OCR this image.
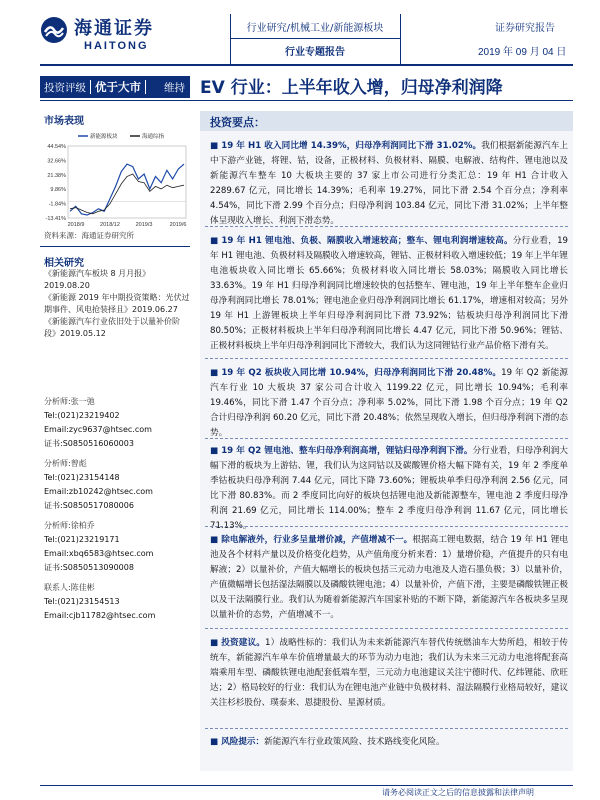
海通证券
HAITONG
行业研究/机械工业/新能源板块
行业专题报告
证券研究报告
2019 年 09 月 04 日
投资评级 优于大市	维持 EV 行业：上半年收入增，归母净利润降
市场表现
44.54%
32.66%
21.38%
9.86%
-1.84%
-13.41%
2018/9	2018/12	2019/3	2019/6
新能源板块	海通综指
资料来源：海通证券研究所
相关研究
《新能源汽车板块 8 月月报》2019.08.20
《新能源 2019 年中期投资策略：光伏过期事件、风电抢装择且》2019.06.27
《新能源汽车行业依旧处于以量补价阶段》2019.05.12
分析师:张一弛
Tel:(021)23219402
Email:zyc9637@htsec.com
证书:S0850516060003
分析师:曾彪
Tel:(021)23154148
Email:zb10242@htsec.com
证书:S0850517080006
分析师:徐柏乔
Tel:(021)23219171
Email:xbq6583@htsec.com
证书:S0850513090008
联系人:陈佳彬
Tel:(021)23154513
Email:cjb11782@htsec.com
投资要点：
■ 19 年 H1 收入同比增 14.39%，归母净利润同比下滑 31.02%。我们根据新能源汽车上中下游产业链，将锂、钴，设备，正极材料、负极材料、隔膜、电解液、结构件、锂电池以及新能源汽车整车 10 大板块主要的 37 家上市公司进行分类汇总：19 年 H1 合计收入 2289.67 亿元，同比增长 14.39%；毛利率 19.27%，同比下滑 2.54 个百分点；净利率 4.54%，同比下滑 2.99 个百分点；归母净利润 103.84 亿元，同比下滑 31.02%；上半年整体呈现收入增长、利润下滑态势。
■ 19 年 H1 锂电池、负极、隔膜收入增速较高；整车、锂电利润增速较高。分行业看，19 年 H1 锂电池、负极材料及隔膜收入增速较高，锂钴、正极材料收入增速较低；19 年上半年锂电池板块收入同比增长 65.66%；负极材料收入同比增长 58.03%；隔膜收入同比增长 33.63%。19 年 H1 归母净利润同比增速较快的包括整车、锂电池，19 年上半年整车企业归母净利润同比增长 78.01%；锂电池企业归母净利润同比增长 61.17%，增速相对较高；另外 19 年 H1 上游锂板块上半年归母净利润同比下滑 73.92%；钴板块归母净利润同比下滑 80.50%；正极材料板块上半年归母净利润同比增长 4.47 亿元，同比下滑 50.96%；锂钴、正极材料板块上半年归母净利润同比下滑较大，我们认为这同锂钴行业产品价格下滑有关。
■ 19 年 Q2 板块收入同比增 10.94%，归母净利润同比下滑 20.48%。19 年 Q2 新能源汽车行业 10 大板块 37 家公司合计收入 1199.22 亿元，同比增长 10.94%；毛利率 19.46%，同比下滑 1.47 个百分点；净利率 5.02%，同比下滑 1.98 个百分点；19 年 Q2 合计归母净利润 60.20 亿元，同比下滑 20.48%；依然呈现收入增长，但归母净利润下滑的态势。
■ 19 年 Q2 锂电池、整车归母净利润高增，锂钴归母净利润下滑。分行业看，归母净利润大幅下滑的板块为上游钴、锂，我们认为这同钴以及碳酸锂价格大幅下降有关，19 年 2 季度单季钴板块归母净利润 7.44 亿元，同比下降 73.60%；锂板块单季归母净利润 2.56 亿元，同比下滑 80.83%。而 2 季度同比向好的板块包括锂电池及新能源整车，锂电池 2 季度归母净利润 21.69 亿元，同比增长 114.00%；整车 2 季度归母净利润 11.67 亿元，同比增长 71.13%。
■ 除电解液外，行业多呈量增价减，产值增减不一。根据高工锂电数据，结合 19 年 H1 锂电池及各个材料产量以及价格变化趋势，从产值角度分析来看：1）量增价稳，产值提升的只有电解液；2）以量补价，产值大幅增长的板块包括三元动力电池及人造石墨负极；3）以量补价，产值微幅增长包括湿法隔膜以及磷酸铁锂电池；4）以量补价，产值下滑，主要是磷酸铁锂正极以及干法隔膜行业。我们认为随着新能源汽车国家补贴的不断下降，新能源汽车各板块多呈现以量补价的态势，产值增减不一。
■ 投资建议。1）战略性标的：我们认为未来新能源汽车替代传统燃油车大势所趋，相较于传统车，新能源汽车单车价值增量最大的环节为动力电池；我们认为未来三元动力电池将配套高端乘用车型、磷酸铁锂电池配套低端车型，三元动力电池建议关注宁德时代、亿纬锂能、欣旺达；2）格局较好的行业：我们认为在锂电池产业链中负极材料、湿法隔膜行业格局较好，建议关注杉杉股份、璞泰来、恩捷股份、星源材质。
■ 风险提示：新能源汽车行业政策风险、技术路线变化风险。
请务必阅读正文之后的信息披露和法律声明
